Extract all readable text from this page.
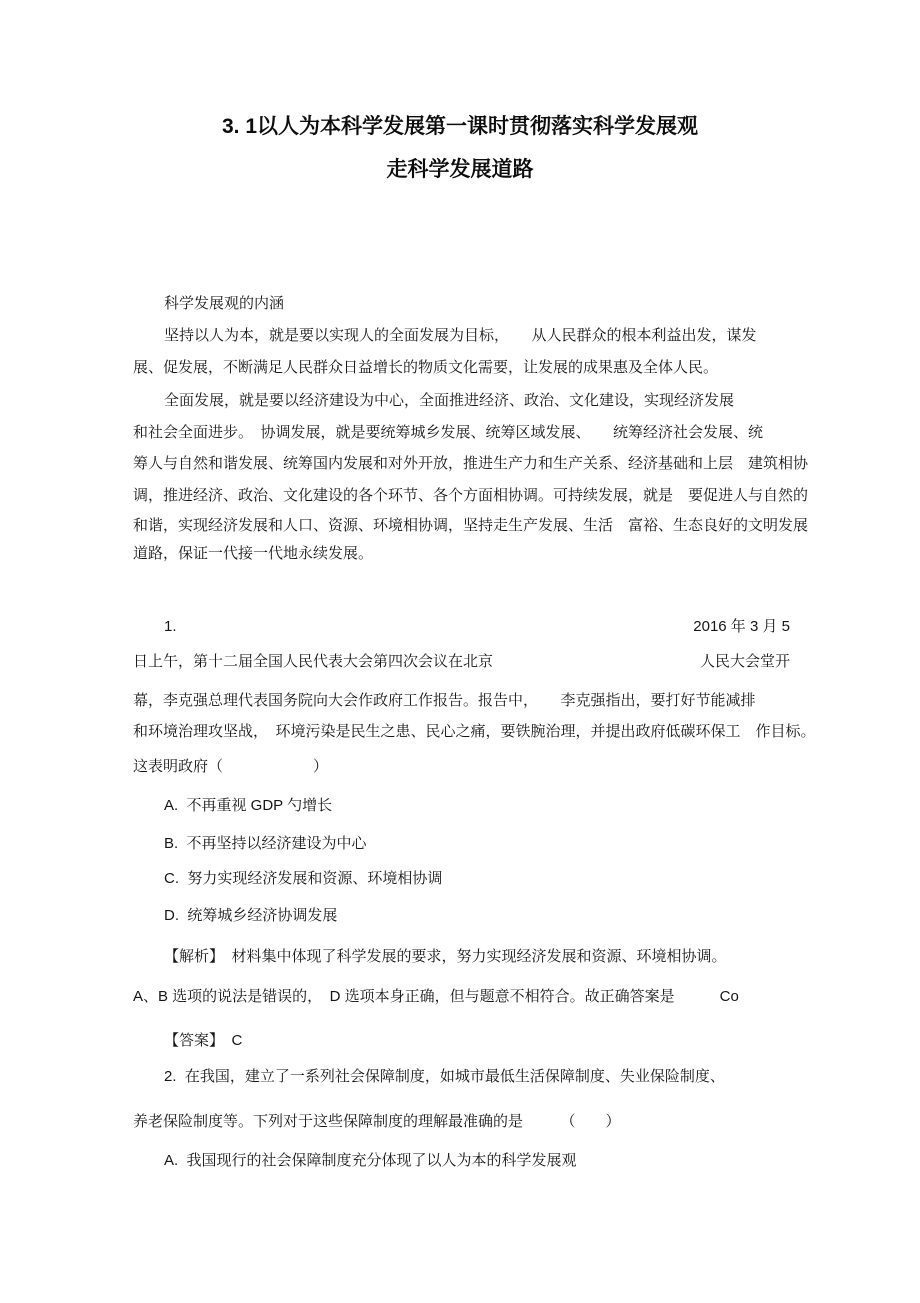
3. 1以人为本科学发展第一课时贯彻落实科学发展观
走科学发展道路
科学发展观的内涵
坚持以人为本，就是要以实现人的全面发展为目标，　　从人民群众的根本利益出发，谋发
展、促发展，不断满足人民群众日益增长的物质文化需要，让发展的成果惠及全体人民。
全面发展，就是要以经济建设为中心，全面推进经济、政治、文化建设，实现经济发展
和社会全面进步。　协调发展，就是要统筹城乡发展、统筹区域发展、　　统筹经济社会发展、统
筹人与自然和谐发展、统筹国内发展和对外开放，推进生产力和生产关系、经济基础和上层　建筑相协
调，推进经济、政治、文化建设的各个环节、各个方面相协调。可持续发展，就是　要促进人与自然的
和谐，实现经济发展和人口、资源、环境相协调，坚持走生产发展、生活　富裕、生态良好的文明发展
道路，保证一代接一代地永续发展。
1.	2016 年 3 月 5
日上午，第十二届全国人民代表大会第四次会议在北京	人民大会堂开
幕，李克强总理代表国务院向大会作政府工作报告。报告中，　　李克强指出，要打好节能减排
和环境治理攻坚战，　环境污染是民生之患、民心之痛，要铁腕治理，并提出政府低碳环保工　作目标。
这表明政府（　　　　　　）
A.  不再重视 GDP 勺增长
B.  不再坚持以经济建设为中心
C.  努力实现经济发展和资源、环境相协调
D.  统筹城乡经济协调发展
【解析】　材料集中体现了科学发展的要求，努力实现经济发展和资源、环境相协调。
A、B 选项的说法是错误的，　D 选项本身正确，但与题意不相符合。故正确答案是　　　Co
【答案】　C
2.  在我国，建立了一系列社会保障制度，如城市最低生活保障制度、失业保险制度、
养老保险制度等。下列对于这些保障制度的理解最准确的是　　　（　　）
A.  我国现行的社会保障制度充分体现了以人为本的科学发展观
